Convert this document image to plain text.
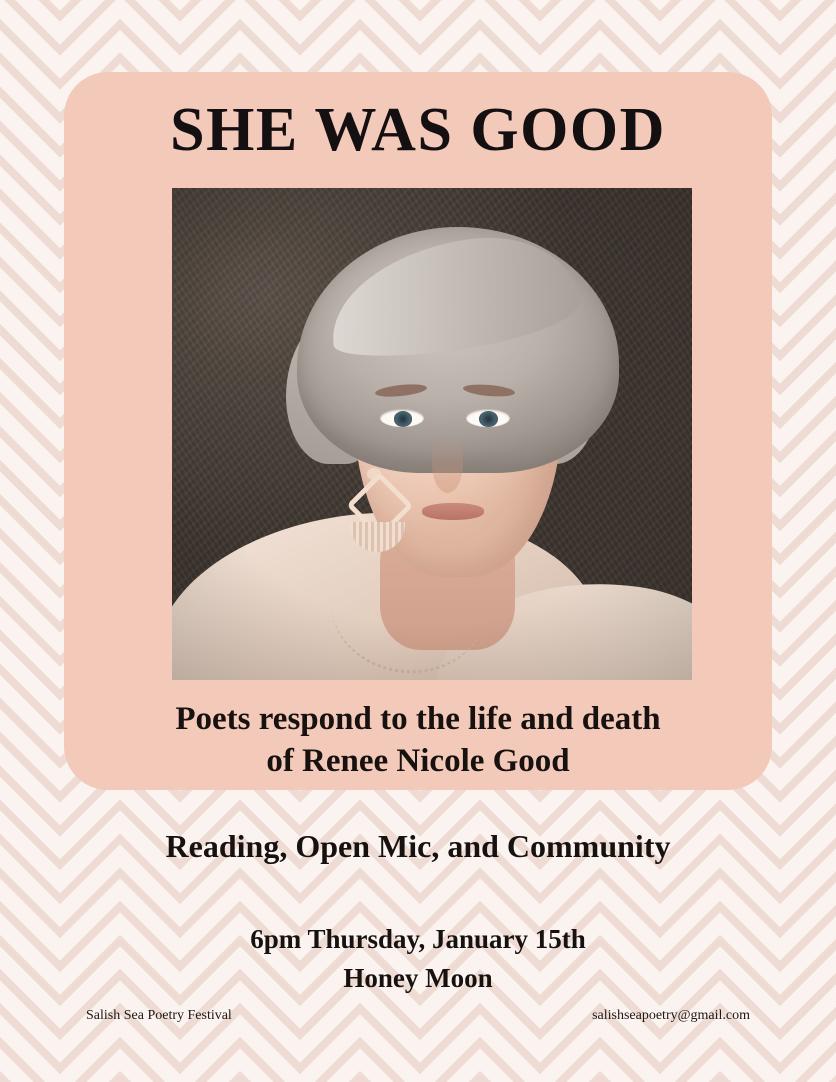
SHE WAS GOOD
Poets respond to the life and death
of Renee Nicole Good
Reading, Open Mic, and Community
6pm Thursday, January 15th
Honey Moon
Salish Sea Poetry Festival	salishseapoetry@gmail.com
